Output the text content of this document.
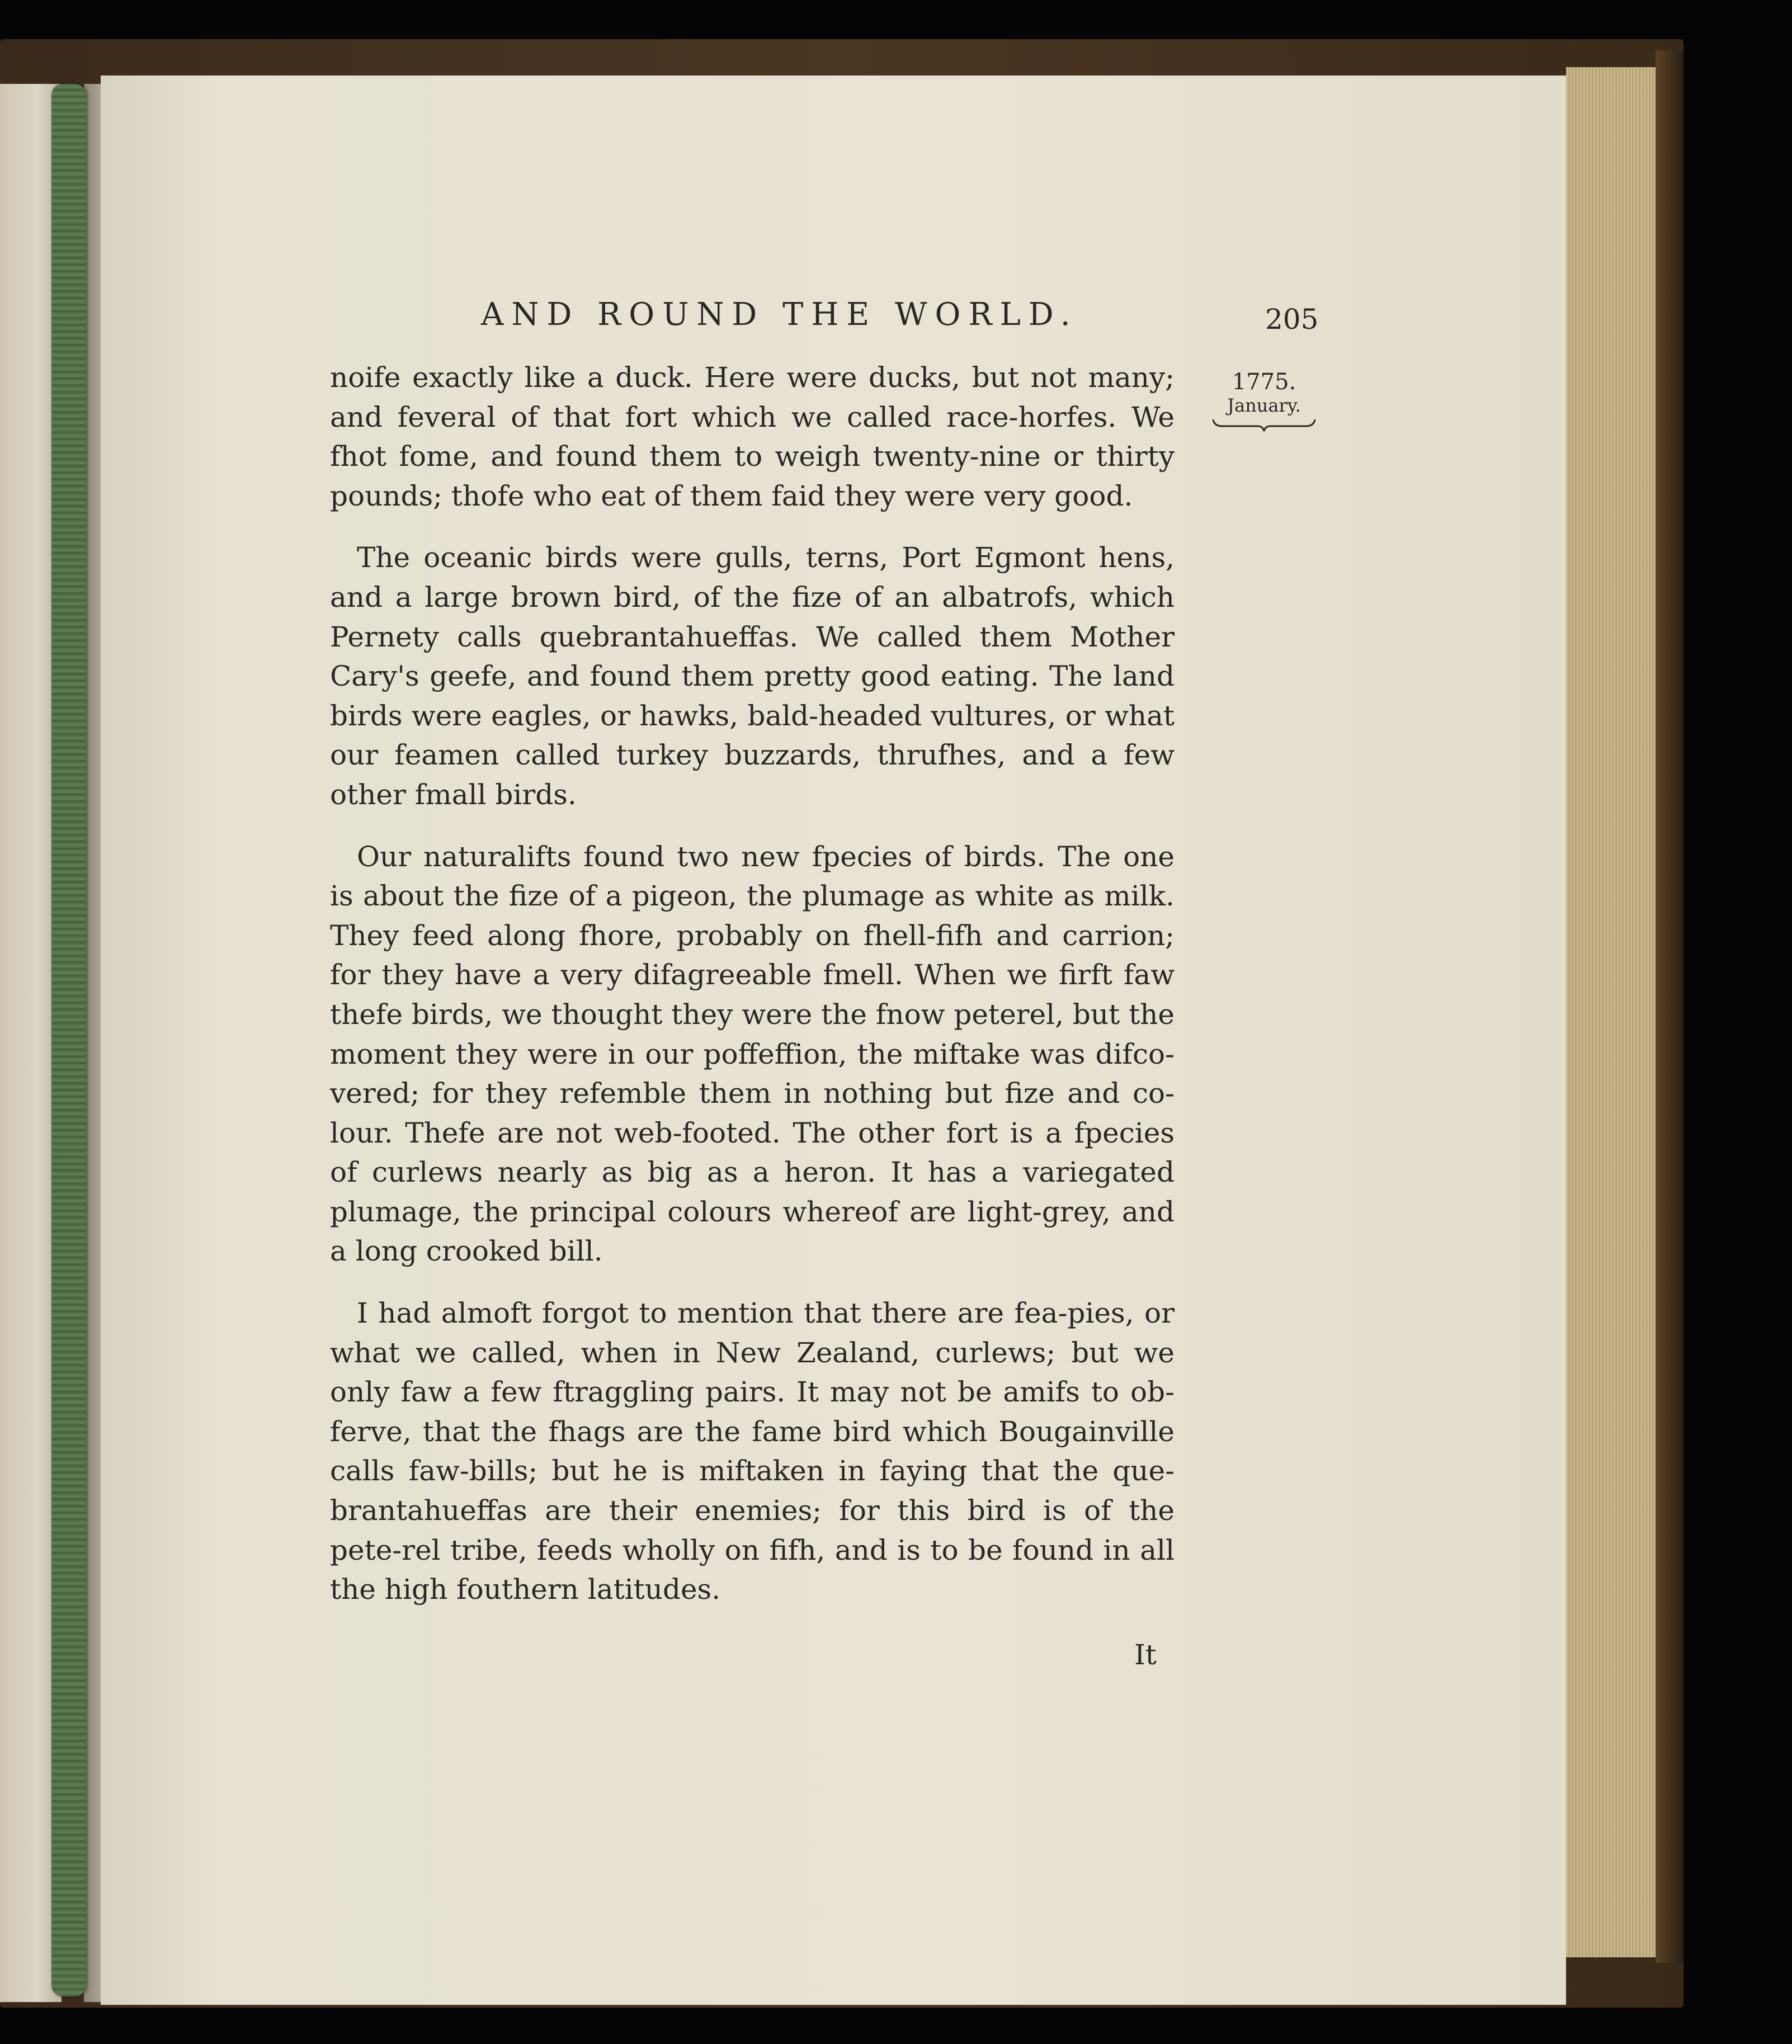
AND ROUND THE WORLD.	205
1775.
January.

noife exactly like a duck. Here were ducks, but not many; and feveral of that fort which we called race-horfes. We fhot fome, and found them to weigh twenty-nine or thirty pounds; thofe who eat of them faid they were very good.

The oceanic birds were gulls, terns, Port Egmont hens, and a large brown bird, of the fize of an albatrofs, which Pernety calls quebrantahueffas. We called them Mother Cary's geefe, and found them pretty good eating. The land birds were eagles, or hawks, bald-headed vultures, or what our feamen called turkey buzzards, thrufhes, and a few other fmall birds.

Our naturalifts found two new fpecies of birds. The one is about the fize of a pigeon, the plumage as white as milk. They feed along fhore, probably on fhell-fifh and carrion; for they have a very difagreeable fmell. When we firft faw thefe birds, we thought they were the fnow peterel, but the moment they were in our poffeffion, the miftake was difco-vered; for they refemble them in nothing but fize and co-lour. Thefe are not web-footed. The other fort is a fpecies of curlews nearly as big as a heron. It has a variegated plumage, the principal colours whereof are light-grey, and a long crooked bill.

I had almoft forgot to mention that there are fea-pies, or what we called, when in New Zealand, curlews; but we only faw a few ftraggling pairs. It may not be amifs to ob-ferve, that the fhags are the fame bird which Bougainville calls faw-bills; but he is miftaken in faying that the que-brantahueffas are their enemies; for this bird is of the pete-rel tribe, feeds wholly on fifh, and is to be found in all the high fouthern latitudes.

It
